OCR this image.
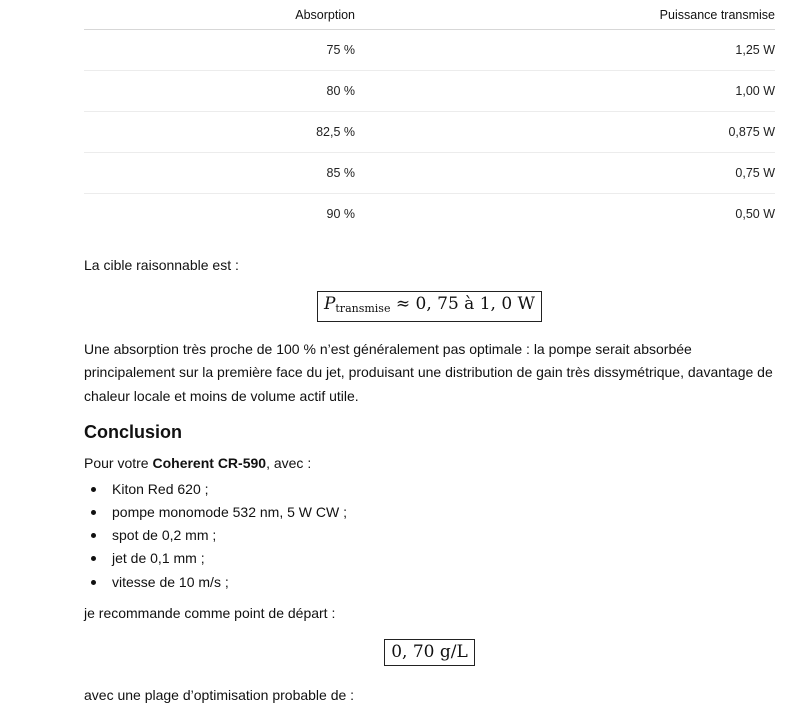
Absorption	Puissance transmise
75 %	1,25 W
80 %	1,00 W
82,5 %	0,875 W
85 %	0,75 W
90 %	0,50 W

La cible raisonnable est :

$P_{transmise} \approx 0$, 75 à 1, 0 W

Une absorption très proche de 100 % n’est généralement pas optimale : la pompe serait absorbée principalement sur la première face du jet, produisant une distribution de gain très dissymétrique, davantage de chaleur locale et moins de volume actif utile.

Conclusion

Pour votre Coherent CR-590, avec :

Kiton Red 620 ;
pompe monomode 532 nm, 5 W CW ;
spot de 0,2 mm ;
jet de 0,1 mm ;
vitesse de 10 m/s ;

je recommande comme point de départ :

0, 70 g/L

avec une plage d’optimisation probable de :
